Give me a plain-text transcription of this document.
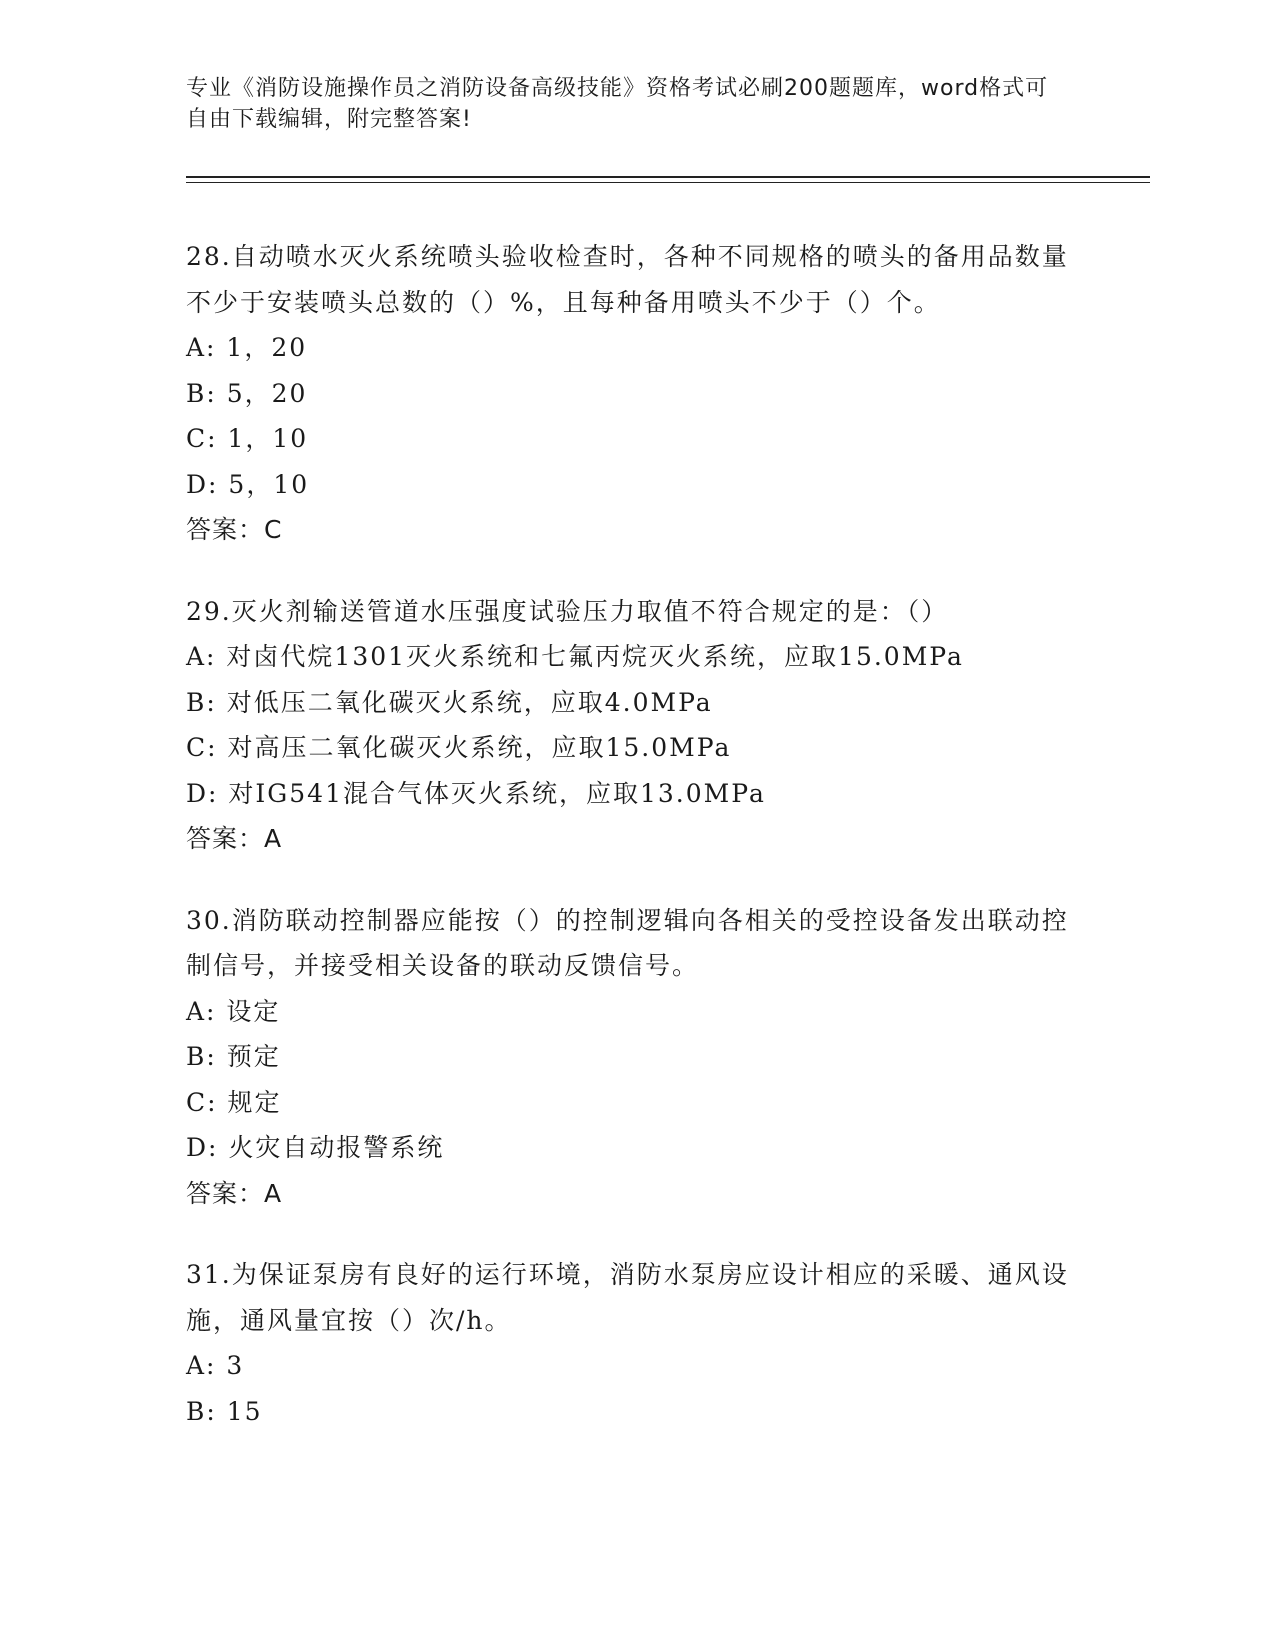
专业《消防设施操作员之消防设备高级技能》资格考试必刷200题题库，word格式可自由下载编辑，附完整答案!
28.自动喷水灭火系统喷头验收检查时，各种不同规格的喷头的备用品数量不少于安装喷头总数的（）%，且每种备用喷头不少于（）个。
A: 1，20
B: 5，20
C: 1，10
D: 5，10
答案：C
29.灭火剂输送管道水压强度试验压力取值不符合规定的是：（）
A: 对卤代烷1301灭火系统和七氟丙烷灭火系统，应取15.0MPa
B: 对低压二氧化碳灭火系统，应取4.0MPa
C: 对高压二氧化碳灭火系统，应取15.0MPa
D: 对IG541混合气体灭火系统，应取13.0MPa
答案：A
30.消防联动控制器应能按（）的控制逻辑向各相关的受控设备发出联动控制信号，并接受相关设备的联动反馈信号。
A: 设定
B: 预定
C: 规定
D: 火灾自动报警系统
答案：A
31.为保证泵房有良好的运行环境，消防水泵房应设计相应的采暖、通风设施，通风量宜按（）次/h。
A: 3
B: 15
